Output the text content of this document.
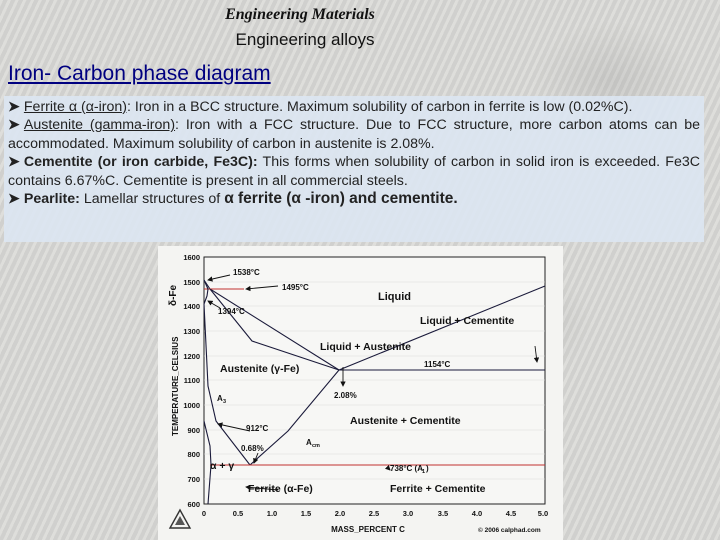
Engineering Materials
Engineering alloys
Iron- Carbon phase diagram

➤ Ferrite α (α-iron): Iron in a BCC structure. Maximum solubility of carbon in ferrite is low (0.02%C).

➤ Austenite (gamma-iron): Iron with a FCC structure. Due to FCC structure, more carbon atoms can be accommodated. Maximum solubility of carbon in austenite is 2.08%.

➤ Cementite (or iron carbide, Fe3C): This forms when solubility of carbon in solid iron is exceeded. Fe3C contains 6.67%C. Cementite is present in all commercial steels.

➤ Pearlite: Lamellar structures of α ferrite (α -iron) and cementite.

1600
1500
1400
1300
1200
1100
1000
900
800
700
600
0	0.5	1.0	1.5	2.0	2.5	3.0	3.5	4.0	4.5	5.0
MASS_PERCENT C
TEMPERATURE_CELSIUS
δ-Fe
1538°C
1495°C
1394°C
1154°C
912°C
0.68%
2.08%
738°C (A 1 )
A 3
A cm
Liquid
Liquid + Cementite
Liquid + Austenite
Austenite (γ-Fe)
Austenite + Cementite
α + γ
Ferrite (α-Fe)	Ferrite + Cementite
© 2006 calphad.com
